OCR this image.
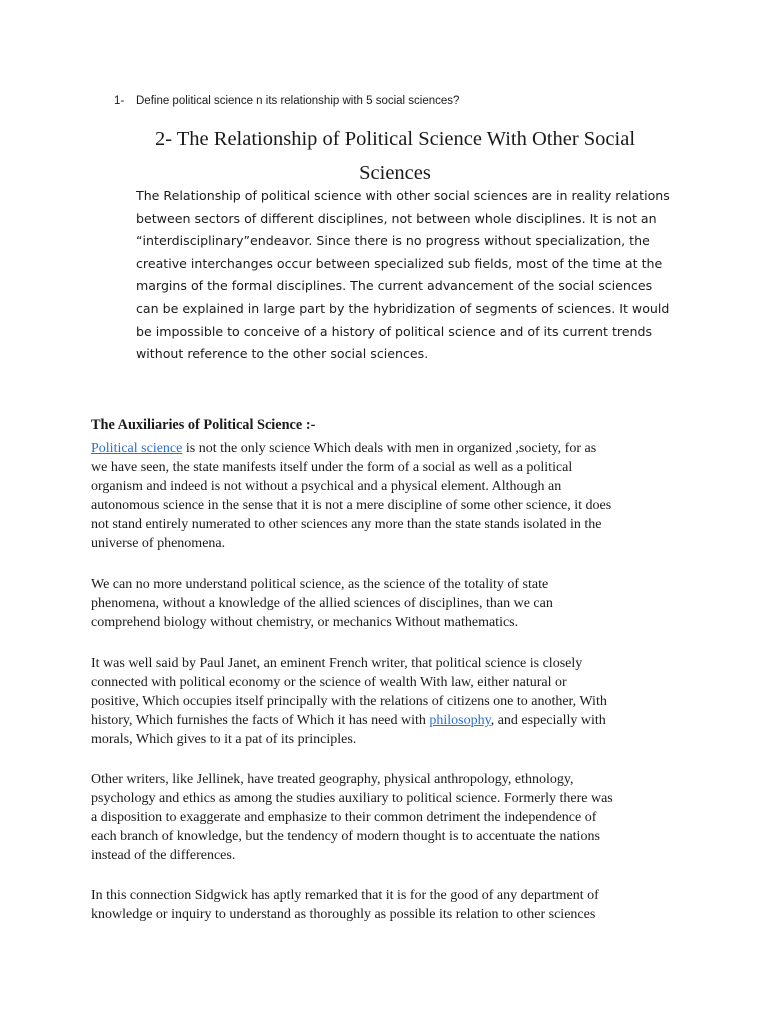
1- Define political science n its relationship with 5 social sciences?
2- The Relationship of Political Science With Other Social
Sciences
The Relationship of political science with other social sciences are in reality relations
between sectors of different disciplines, not between whole disciplines. It is not an
“interdisciplinary”endeavor. Since there is no progress without specialization, the
creative interchanges occur between specialized sub fields, most of the time at the
margins of the formal disciplines. The current advancement of the social sciences
can be explained in large part by the hybridization of segments of sciences. It would
be impossible to conceive of a history of political science and of its current trends
without reference to the other social sciences.
The Auxiliaries of Political Science :-
Political science is not the only science Which deals with men in organized ,society, for as
we have seen, the state manifests itself under the form of a social as well as a political
organism and indeed is not without a psychical and a physical element. Although an
autonomous science in the sense that it is not a mere discipline of some other science, it does
not stand entirely numerated to other sciences any more than the state stands isolated in the
universe of phenomena.
We can no more understand political science, as the science of the totality of state
phenomena, without a knowledge of the allied sciences of disciplines, than we can
comprehend biology without chemistry, or mechanics Without mathematics.
It was well said by Paul Janet, an eminent French writer, that political science is closely
connected with political economy or the science of wealth With law, either natural or
positive, Which occupies itself principally with the relations of citizens one to another, With
history, Which furnishes the facts of Which it has need with philosophy, and especially with
morals, Which gives to it a pat of its principles.
Other writers, like Jellinek, have treated geography, physical anthropology, ethnology,
psychology and ethics as among the studies auxiliary to political science. Formerly there was
a disposition to exaggerate and emphasize to their common detriment the independence of
each branch of knowledge, but the tendency of modern thought is to accentuate the nations
instead of the differences.
In this connection Sidgwick has aptly remarked that it is for the good of any department of
knowledge or inquiry to understand as thoroughly as possible its relation to other sciences
